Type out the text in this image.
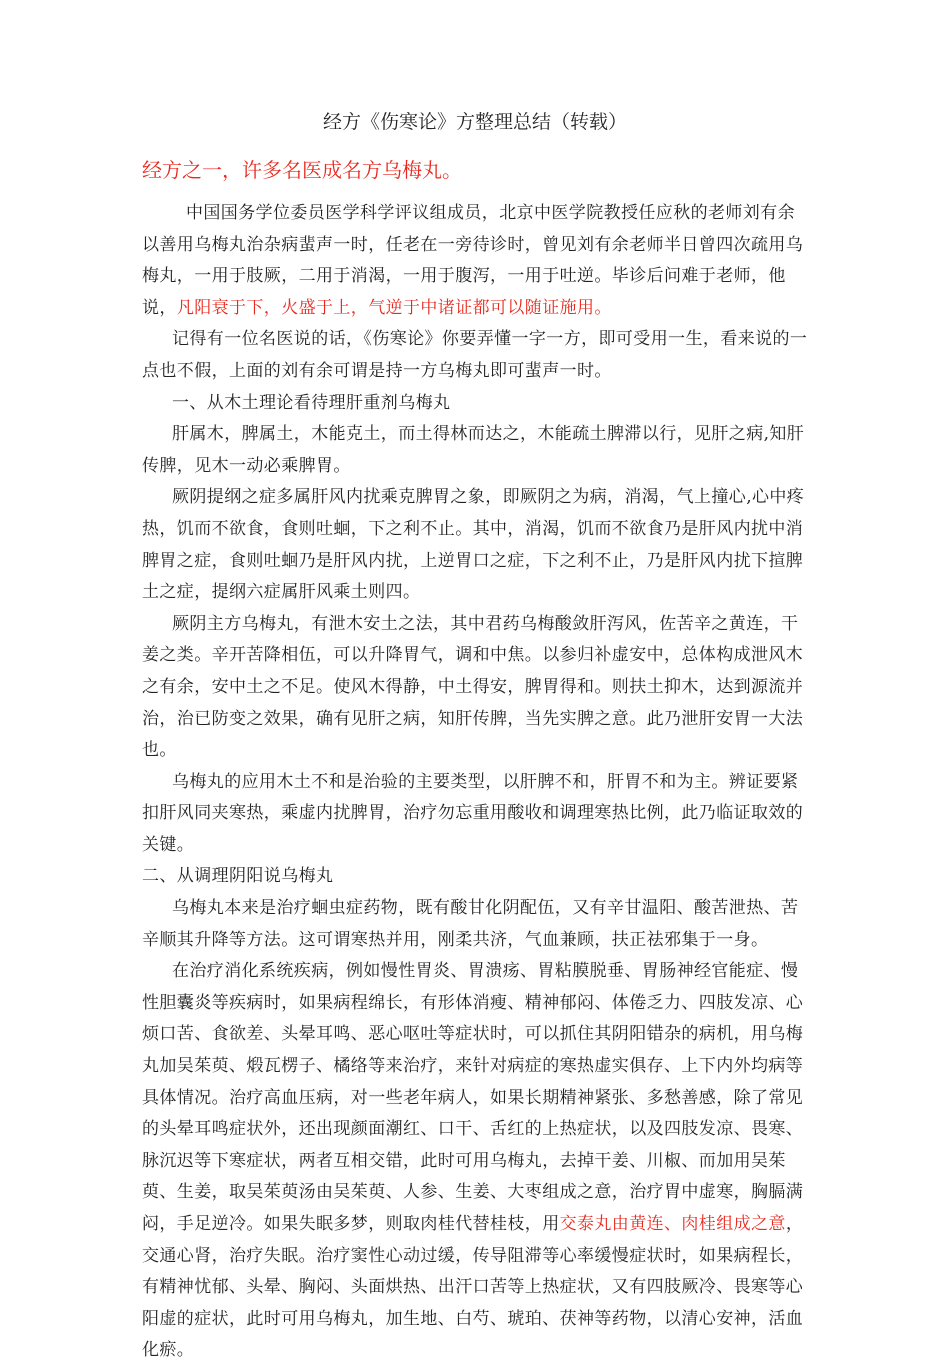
经方《伤寒论》方整理总结（转载）
经方之一，许多名医成名方乌梅丸。

中国国务学位委员医学科学评议组成员，北京中医学院教授任应秋的老师刘有余以善用乌梅丸治杂病蜚声一时，任老在一旁待诊时，曾见刘有余老师半日曾四次疏用乌梅丸，一用于肢厥，二用于消渴，一用于腹泻，一用于吐逆。毕诊后问难于老师，他说，凡阳衰于下，火盛于上，气逆于中诸证都可以随证施用。

记得有一位名医说的话，《伤寒论》你要弄懂一字一方，即可受用一生，看来说的一点也不假，上面的刘有余可谓是持一方乌梅丸即可蜚声一时。

一、从木土理论看待理肝重剂乌梅丸

肝属木，脾属土，木能克土，而土得林而达之，木能疏土脾滞以行，见肝之病,知肝传脾，见木一动必乘脾胃。

厥阴提纲之症多属肝风内扰乘克脾胃之象，即厥阴之为病，消渴，气上撞心,心中疼热，饥而不欲食，食则吐蛔，下之利不止。其中，消渴，饥而不欲食乃是肝风内扰中消脾胃之症，食则吐蛔乃是肝风内扰，上逆胃口之症，下之利不止，乃是肝风内扰下揎脾土之症，提纲六症属肝风乘土则四。

厥阴主方乌梅丸，有泄木安土之法，其中君药乌梅酸敛肝泻风，佐苦辛之黄连，干姜之类。辛开苦降相伍，可以升降胃气，调和中焦。以参归补虚安中，总体构成泄风木之有余，安中土之不足。使风木得静，中土得安，脾胃得和。则扶土抑木，达到源流并治，治已防变之效果，确有见肝之病，知肝传脾，当先实脾之意。此乃泄肝安胃一大法也。

乌梅丸的应用木土不和是治验的主要类型，以肝脾不和，肝胃不和为主。辨证要紧扣肝风同夹寒热，乘虚内扰脾胃，治疗勿忘重用酸收和调理寒热比例，此乃临证取效的关键。

二、从调理阴阳说乌梅丸

乌梅丸本来是治疗蛔虫症药物，既有酸甘化阴配伍，又有辛甘温阳、酸苦泄热、苦辛顺其升降等方法。这可谓寒热并用，刚柔共济，气血兼顾，扶正祛邪集于一身。

在治疗消化系统疾病，例如慢性胃炎、胃溃疡、胃粘膜脱垂、胃肠神经官能症、慢性胆囊炎等疾病时，如果病程绵长，有形体消瘦、精神郁闷、体倦乏力、四肢发凉、心烦口苦、食欲差、头晕耳鸣、恶心呕吐等症状时，可以抓住其阴阳错杂的病机，用乌梅丸加吴茱萸、煅瓦楞子、橘络等来治疗，来针对病症的寒热虚实俱存、上下内外均病等具体情况。治疗高血压病，对一些老年病人，如果长期精神紧张、多愁善感，除了常见的头晕耳鸣症状外，还出现颜面潮红、口干、舌红的上热症状，以及四肢发凉、畏寒、脉沉迟等下寒症状，两者互相交错，此时可用乌梅丸，去掉干姜、川椒、而加用吴茱萸、生姜，取吴茱萸汤由吴茱萸、人参、生姜、大枣组成之意，治疗胃中虚寒，胸膈满闷，手足逆冷。如果失眠多梦，则取肉桂代替桂枝，用交泰丸由黄连、肉桂组成之意，交通心肾，治疗失眠。治疗窦性心动过缓，传导阻滞等心率缓慢症状时，如果病程长，有精神忧郁、头晕、胸闷、头面烘热、出汗口苦等上热症状，又有四肢厥冷、畏寒等心阳虚的症状，此时可用乌梅丸，加生地、白芍、琥珀、茯神等药物，以清心安神，活血化瘀。
